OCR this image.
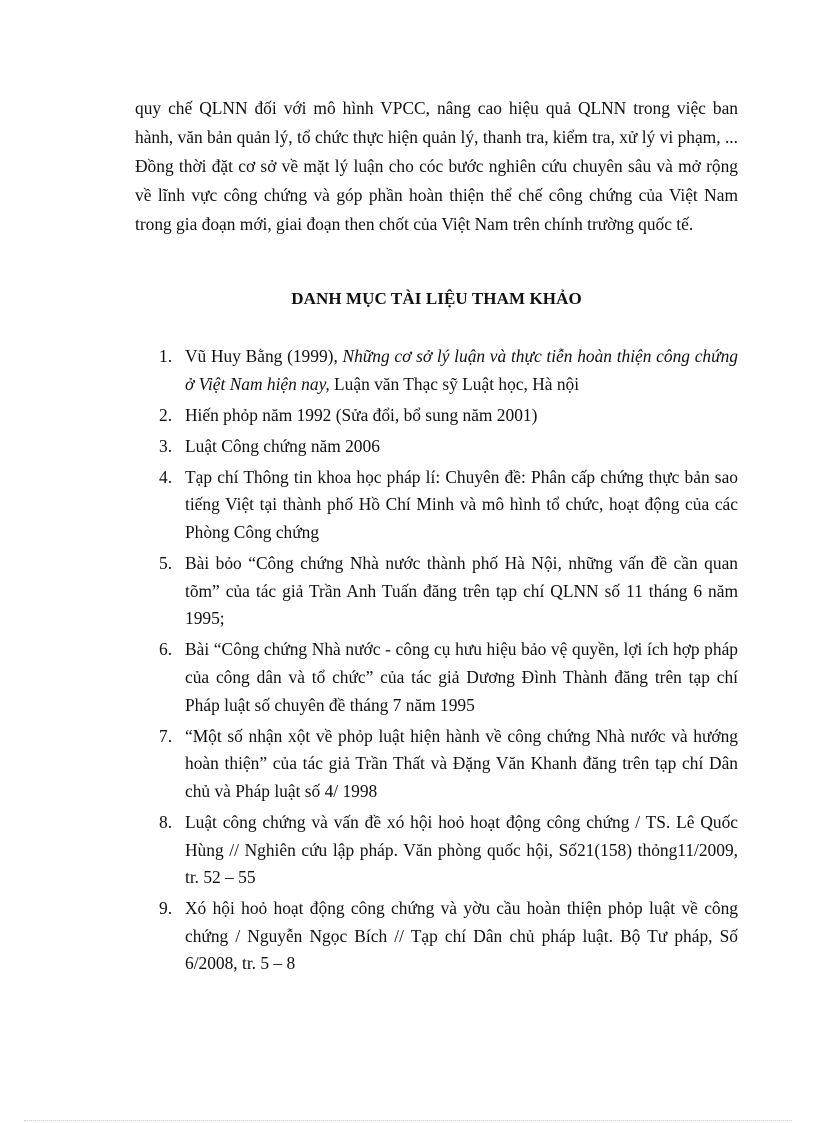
quy chế QLNN đối với mô hình VPCC, nâng cao hiệu quả QLNN trong việc ban hành, văn bản quản lý, tổ chức thực hiện quản lý, thanh tra, kiểm tra, xử lý vi phạm, ... Đồng thời đặt cơ sở về mặt lý luận cho cóc bước nghiên cứu chuyên sâu và mở rộng về lĩnh vực công chứng và góp phần hoàn thiện thể chế công chứng của Việt Nam trong gia đoạn mới, giai đoạn then chốt của Việt Nam trên chính trường quốc tế.

DANH MỤC TÀI LIỆU THAM KHẢO
1. Vũ Huy Bằng (1999), Những cơ sở lý luận và thực tiễn hoàn thiện công chứng ở Việt Nam hiện nay, Luận văn Thạc sỹ Luật học, Hà nội
2. Hiến phỏp năm 1992 (Sửa đổi, bổ sung năm 2001)
3. Luật Công chứng năm 2006
4. Tạp chí Thông tin khoa học pháp lí: Chuyên đề: Phân cấp chứng thực bản sao tiếng Việt tại thành phố Hồ Chí Minh và mô hình tổ chức, hoạt động của các Phòng Công chứng
5. Bài bỏo “Công chứng Nhà nước thành phố Hà Nội, những vấn đề cần quan tõm” của tác giả Trần Anh Tuấn đăng trên tạp chí QLNN số 11 tháng 6 năm 1995;
6. Bài “Công chứng Nhà nước - công cụ hưu hiệu bảo vệ quyền, lợi ích hợp pháp của công dân và tổ chức” của tác giả Dương Đình Thành đăng trên tạp chí Pháp luật số chuyên đề tháng 7 năm 1995
7. “Một số nhận xột về phỏp luật hiện hành về công chứng Nhà nước và hướng hoàn thiện” của tác giả Trần Thất và Đặng Văn Khanh đăng trên tạp chí Dân chủ và Pháp luật số 4/ 1998
8. Luật công chứng và vấn đề xó hội hoỏ hoạt động công chứng / TS. Lê Quốc Hùng // Nghiên cứu lập pháp. Văn phòng quốc hội, Số21(158) thỏng11/2009, tr. 52 – 55
9. Xó hội hoỏ hoạt động công chứng và yờu cầu hoàn thiện phỏp luật về công chứng / Nguyễn Ngọc Bích // Tạp chí Dân chủ pháp luật. Bộ Tư pháp, Số 6/2008, tr. 5 – 8
